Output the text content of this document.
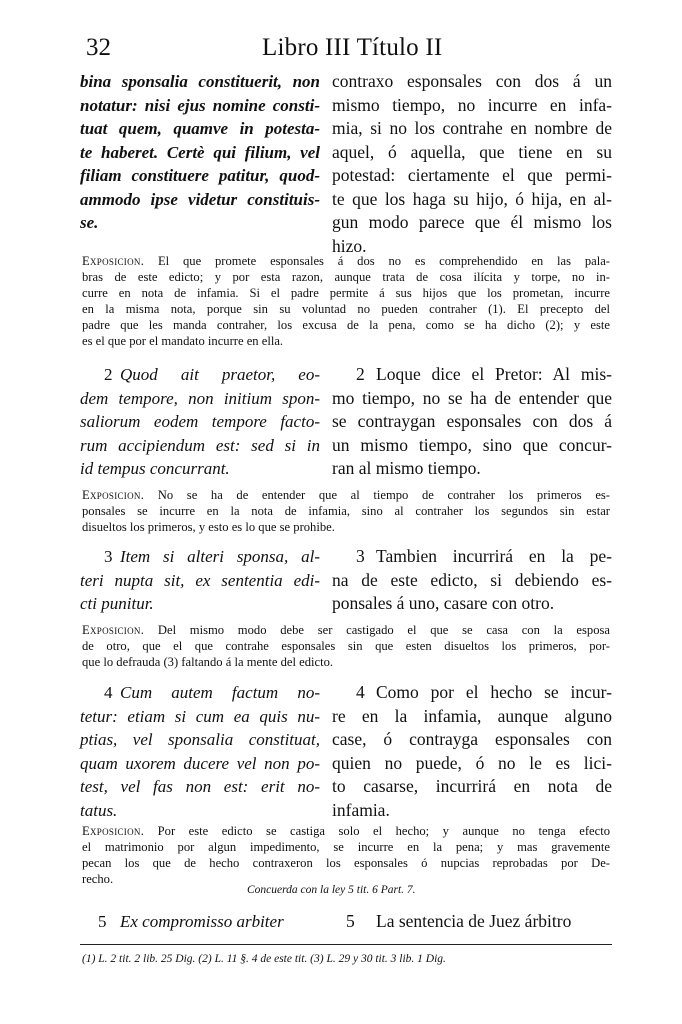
32	Libro III Título II
bina sponsalia constituerit, non
notatur: nisi ejus nomine consti-
tuat quem, quamve in potesta-
te haberet. Certè qui filium, vel
filiam constituere patitur, quod-
ammodo ipse videtur constituis-
se.
contraxo esponsales con dos á un
mismo tiempo, no incurre en infa-
mia, si no los contrahe en nombre de
aquel, ó aquella, que tiene en su
potestad: ciertamente el que permi-
te que los haga su hijo, ó hija, en al-
gun modo parece que él mismo los
hizo.
Exposicion. El que promete esponsales á dos no es comprehendido en las pala-
bras de este edicto; y por esta razon, aunque trata de cosa ilícita y torpe, no in-
curre en nota de infamia. Si el padre permite á sus hijos que los prometan, incurre
en la misma nota, porque sin su voluntad no pueden contraher (1). El precepto del
padre que les manda contraher, los excusa de la pena, como se ha dicho (2); y este
es el que por el mandato incurre en ella.
2 Quod ait praetor, eo-
dem tempore, non initium spon-
saliorum eodem tempore facto-
rum accipiendum est: sed si in
id tempus concurrant.
2 Loque dice el Pretor: Al mis-
mo tiempo, no se ha de entender que
se contraygan esponsales con dos á
un mismo tiempo, sino que concur-
ran al mismo tiempo.
Exposicion. No se ha de entender que al tiempo de contraher los primeros es-
ponsales se incurre en la nota de infamia, sino al contraher los segundos sin estar
disueltos los primeros, y esto es lo que se prohibe.
3 Item si alteri sponsa, al-
teri nupta sit, ex sententia edi-
cti punitur.
3 Tambien incurrirá en la pe-
na de este edicto, si debiendo es-
ponsales á uno, casare con otro.
Exposicion. Del mismo modo debe ser castigado el que se casa con la esposa
de otro, que el que contrahe esponsales sin que esten disueltos los primeros, por-
que lo defrauda (3) faltando á la mente del edicto.
4 Cum autem factum no-
tetur: etiam si cum ea quis nu-
ptias, vel sponsalia constituat,
quam uxorem ducere vel non po-
test, vel fas non est: erit no-
tatus.
4 Como por el hecho se incur-
re en la infamia, aunque alguno
case, ó contrayga esponsales con
quien no puede, ó no le es lici-
to casarse, incurrirá en nota de
infamia.
Exposicion. Por este edicto se castiga solo el hecho; y aunque no tenga efecto
el matrimonio por algun impedimento, se incurre en la pena; y mas gravemente
pecan los que de hecho contraxeron los esponsales ó nupcias reprobadas por De-
recho.
Concuerda con la ley 5 tit. 6 Part. 7.
5 Ex compromisso arbiter	5 La sentencia de Juez árbitro
(1) L. 2 tit. 2 lib. 25 Dig. (2) L. 11 §. 4 de este tit. (3) L. 29 y 30 tit. 3 lib. 1 Dig.
